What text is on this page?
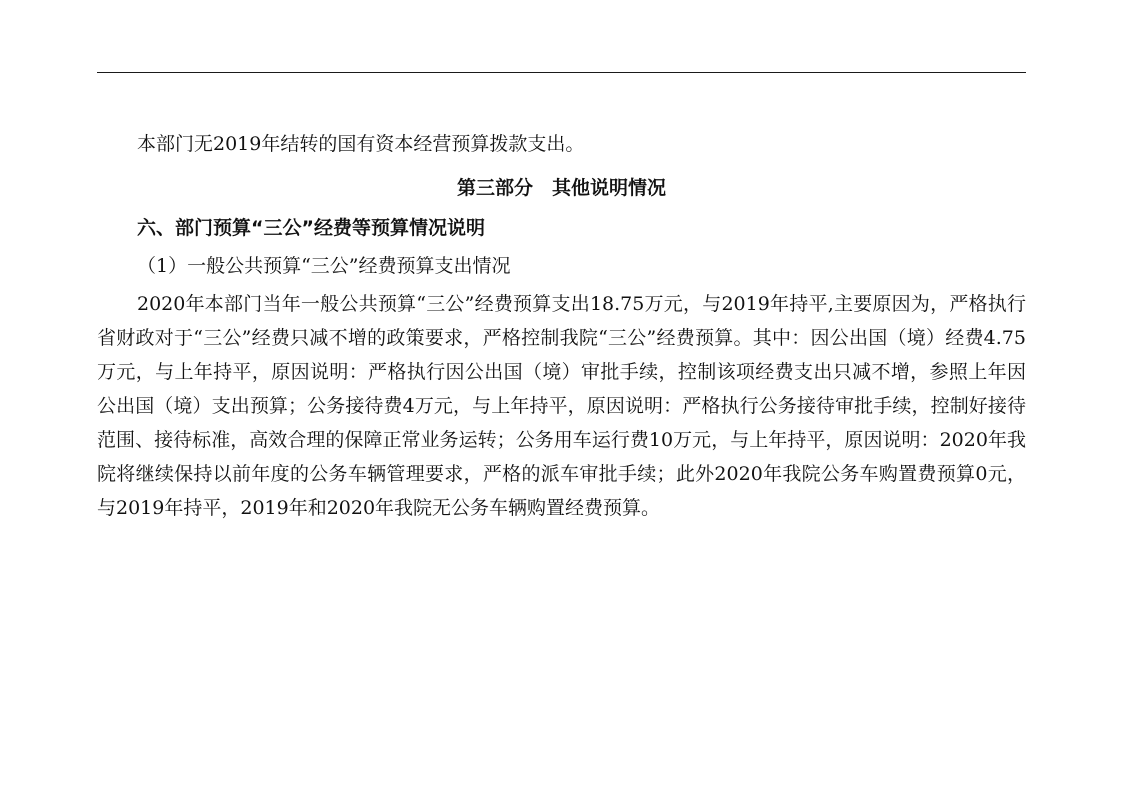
本部门无2019年结转的国有资本经营预算拨款支出。

第三部分　其他说明情况

六、部门预算“三公”经费等预算情况说明

（1）一般公共预算“三公”经费预算支出情况

2020年本部门当年一般公共预算“三公”经费预算支出18.75万元，与2019年持平,主要原因为，严格执行省财政对于“三公”经费只减不增的政策要求，严格控制我院“三公”经费预算。其中：因公出国（境）经费4.75万元，与上年持平，原因说明：严格执行因公出国（境）审批手续，控制该项经费支出只减不增，参照上年因公出国（境）支出预算；公务接待费4万元，与上年持平，原因说明：严格执行公务接待审批手续，控制好接待范围、接待标准，高效合理的保障正常业务运转；公务用车运行费10万元，与上年持平，原因说明：2020年我院将继续保持以前年度的公务车辆管理要求，严格的派车审批手续；此外2020年我院公务车购置费预算0元，与2019年持平，2019年和2020年我院无公务车辆购置经费预算。
